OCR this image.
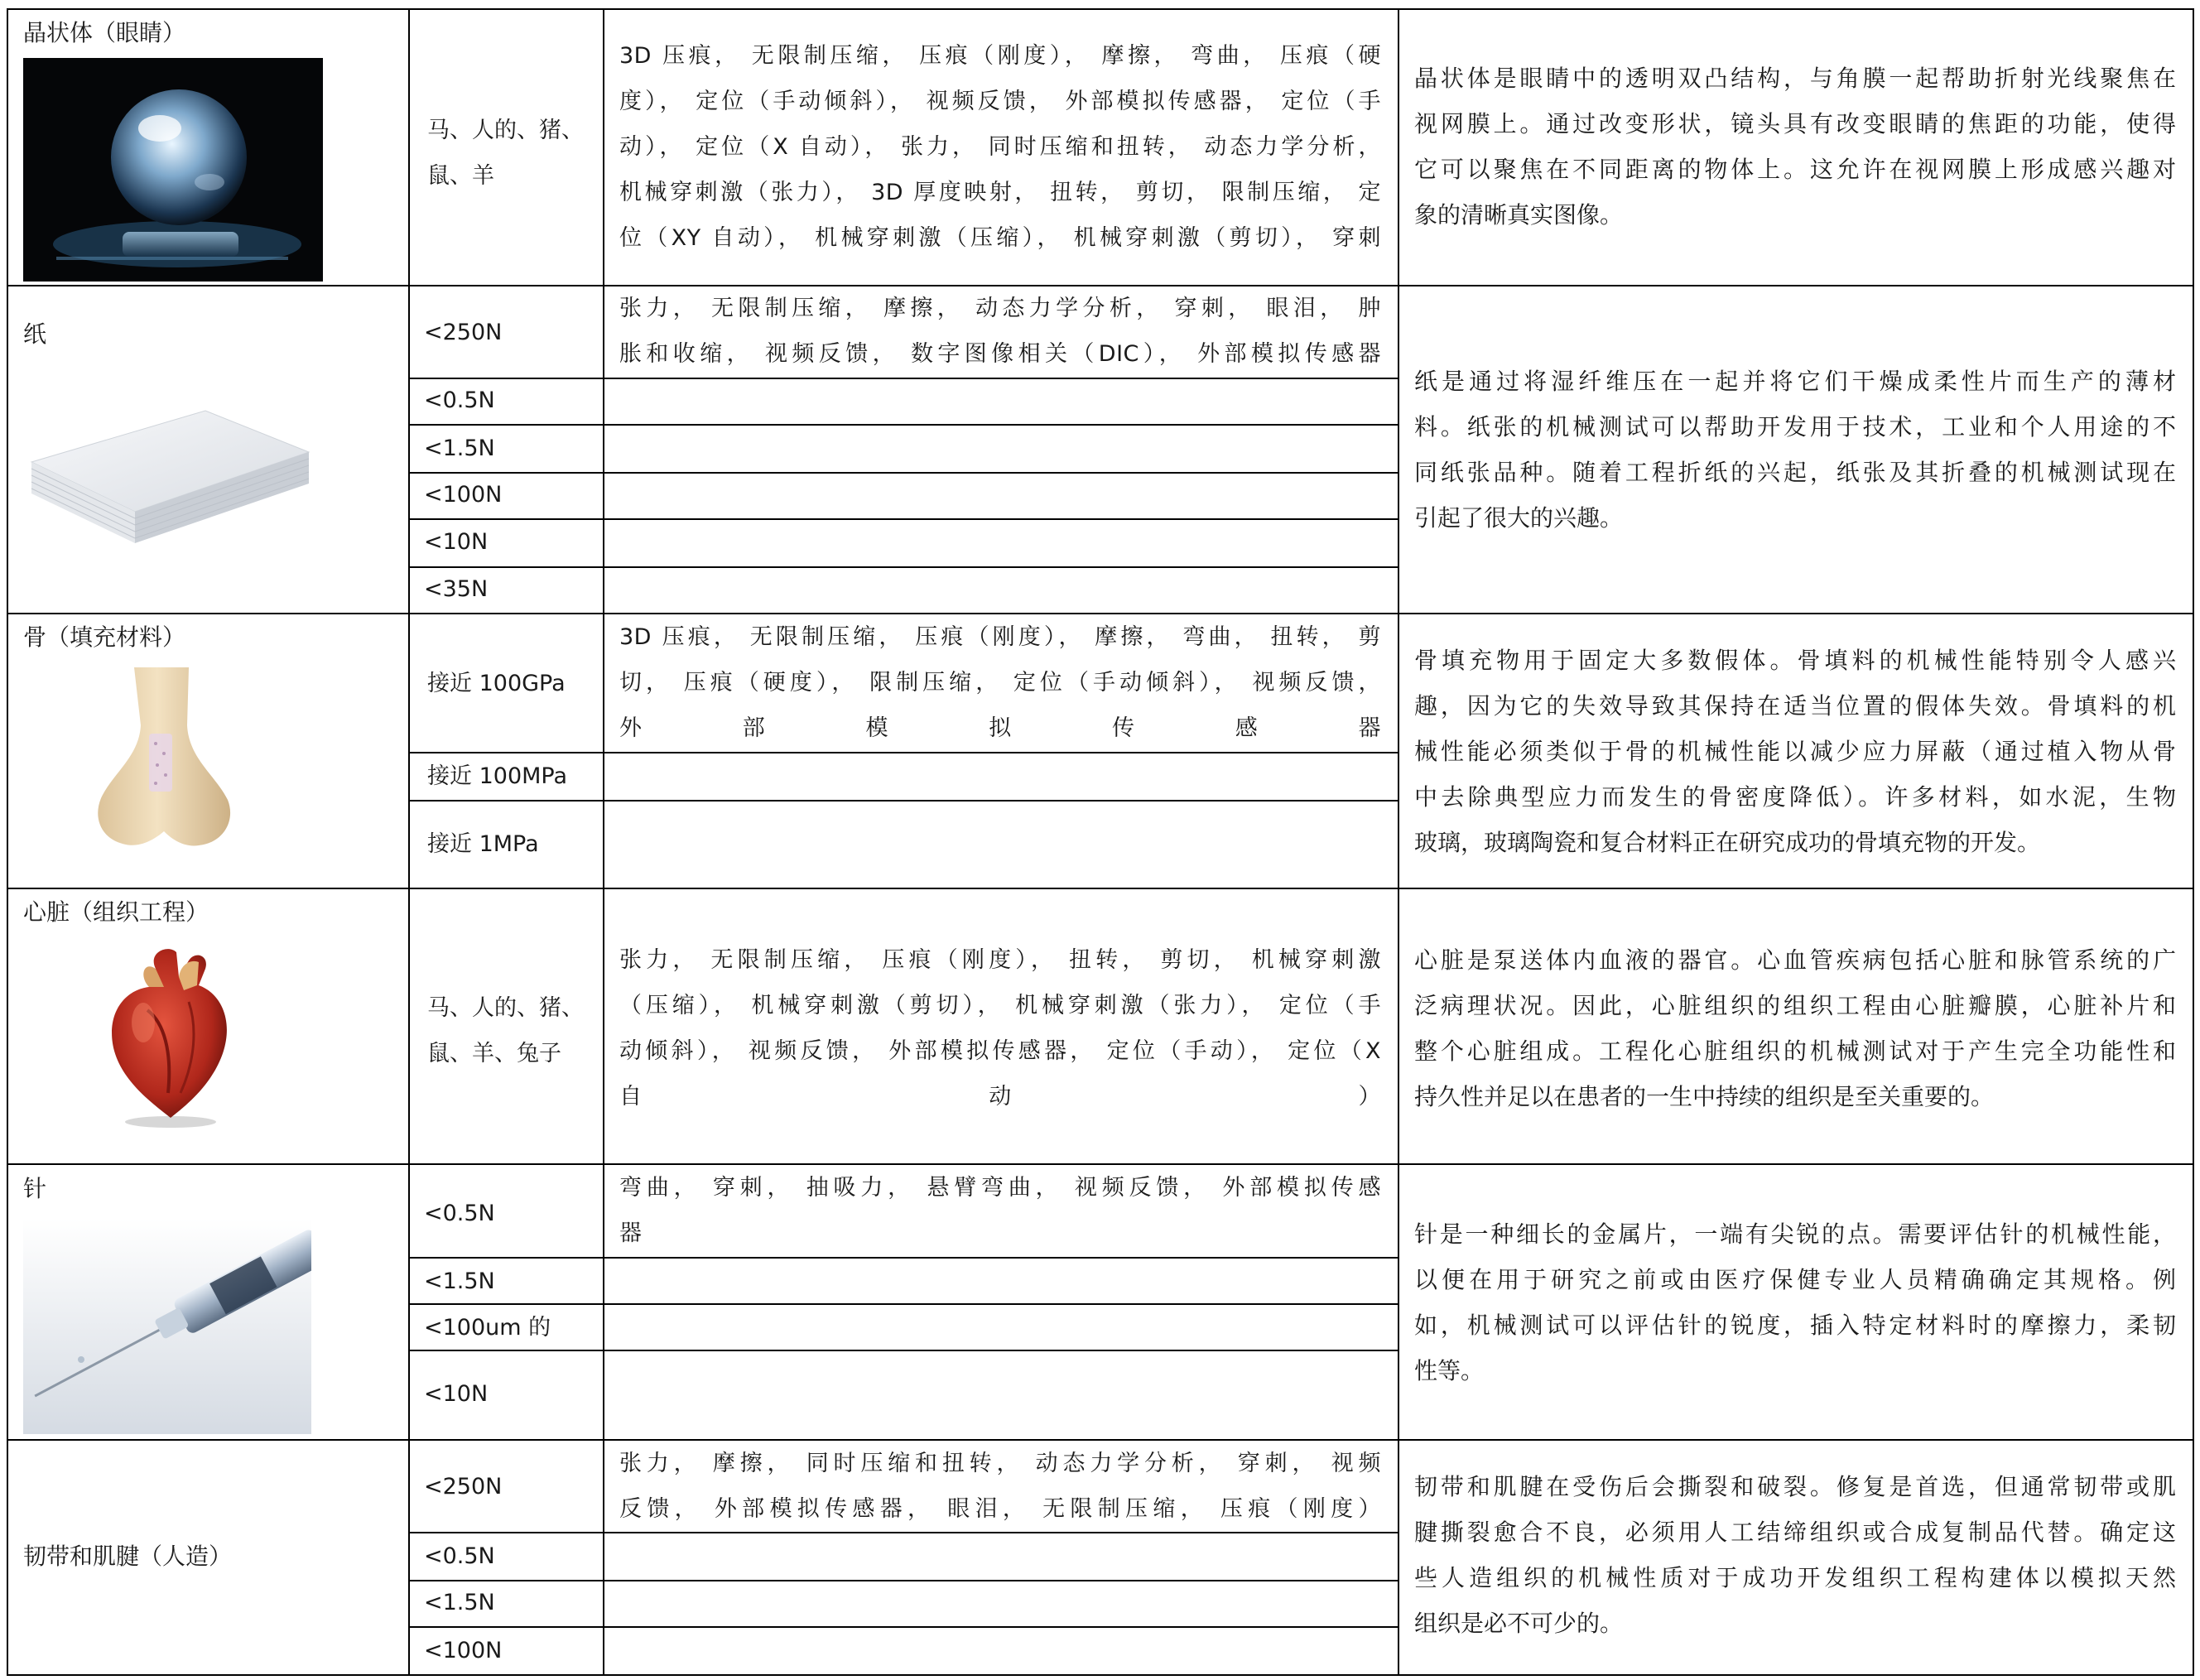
晶状体（眼睛）
马、人的、猪、
鼠、羊
3D 压痕， 无限制压缩， 压痕（刚度）， 摩擦， 弯曲， 压痕（硬
度）， 定位（手动倾斜）， 视频反馈， 外部模拟传感器， 定位（手
动）， 定位（X 自动）， 张力， 同时压缩和扭转， 动态力学分析，
机械穿刺激（张力）， 3D 厚度映射， 扭转， 剪切， 限制压缩， 定
位（XY 自动）， 机械穿刺激（压缩）， 机械穿刺激（剪切）， 穿刺
晶状体是眼睛中的透明双凸结构，与角膜一起帮助折射光线聚焦在
视网膜上。通过改变形状，镜头具有改变眼睛的焦距的功能，使得
它可以聚焦在不同距离的物体上。这允许在视网膜上形成感兴趣对
象的清晰真实图像。
纸	<250N
<0.5N
<1.5N
<100N
<10N
<35N
张力， 无限制压缩， 摩擦， 动态力学分析， 穿刺， 眼泪， 肿
胀和收缩， 视频反馈， 数字图像相关（DIC）， 外部模拟传感器
纸是通过将湿纤维压在一起并将它们干燥成柔性片而生产的薄材
料。纸张的机械测试可以帮助开发用于技术，工业和个人用途的不
同纸张品种。随着工程折纸的兴起，纸张及其折叠的机械测试现在
引起了很大的兴趣。
骨（填充材料）
接近 100GPa
接近 100MPa
接近 1MPa
3D 压痕， 无限制压缩， 压痕（刚度）， 摩擦， 弯曲， 扭转， 剪
切， 压痕（硬度）， 限制压缩， 定位（手动倾斜）， 视频反馈，
外部模拟传感器
骨填充物用于固定大多数假体。骨填料的机械性能特别令人感兴
趣，因为它的失效导致其保持在适当位置的假体失效。骨填料的机
械性能必须类似于骨的机械性能以减少应力屏蔽（通过植入物从骨
中去除典型应力而发生的骨密度降低）。许多材料，如水泥，生物
玻璃，玻璃陶瓷和复合材料正在研究成功的骨填充物的开发。
心脏（组织工程）
马、人的、猪、
鼠、羊、兔子
张力， 无限制压缩， 压痕（刚度）， 扭转， 剪切， 机械穿刺激
（压缩）， 机械穿刺激（剪切）， 机械穿刺激（张力）， 定位（手
动倾斜）， 视频反馈， 外部模拟传感器， 定位（手动）， 定位（X
自动）
心脏是泵送体内血液的器官。心血管疾病包括心脏和脉管系统的广
泛病理状况。因此，心脏组织的组织工程由心脏瓣膜，心脏补片和
整个心脏组成。工程化心脏组织的机械测试对于产生完全功能性和
持久性并足以在患者的一生中持续的组织是至关重要的。
针
<0.5N
<1.5N
<100um 的
<10N
弯曲， 穿刺， 抽吸力， 悬臂弯曲， 视频反馈， 外部模拟传感
器	针是一种细长的金属片，一端有尖锐的点。需要评估针的机械性能，
以便在用于研究之前或由医疗保健专业人员精确确定其规格。例
如，机械测试可以评估针的锐度，插入特定材料时的摩擦力，柔韧
性等。
韧带和肌腱（人造）
<250N
<0.5N
<1.5N
<100N
张力， 摩擦， 同时压缩和扭转， 动态力学分析， 穿刺， 视频
反馈， 外部模拟传感器， 眼泪， 无限制压缩， 压痕（刚度）
韧带和肌腱在受伤后会撕裂和破裂。修复是首选，但通常韧带或肌
腱撕裂愈合不良，必须用人工结缔组织或合成复制品代替。确定这
些人造组织的机械性质对于成功开发组织工程构建体以模拟天然
组织是必不可少的。
